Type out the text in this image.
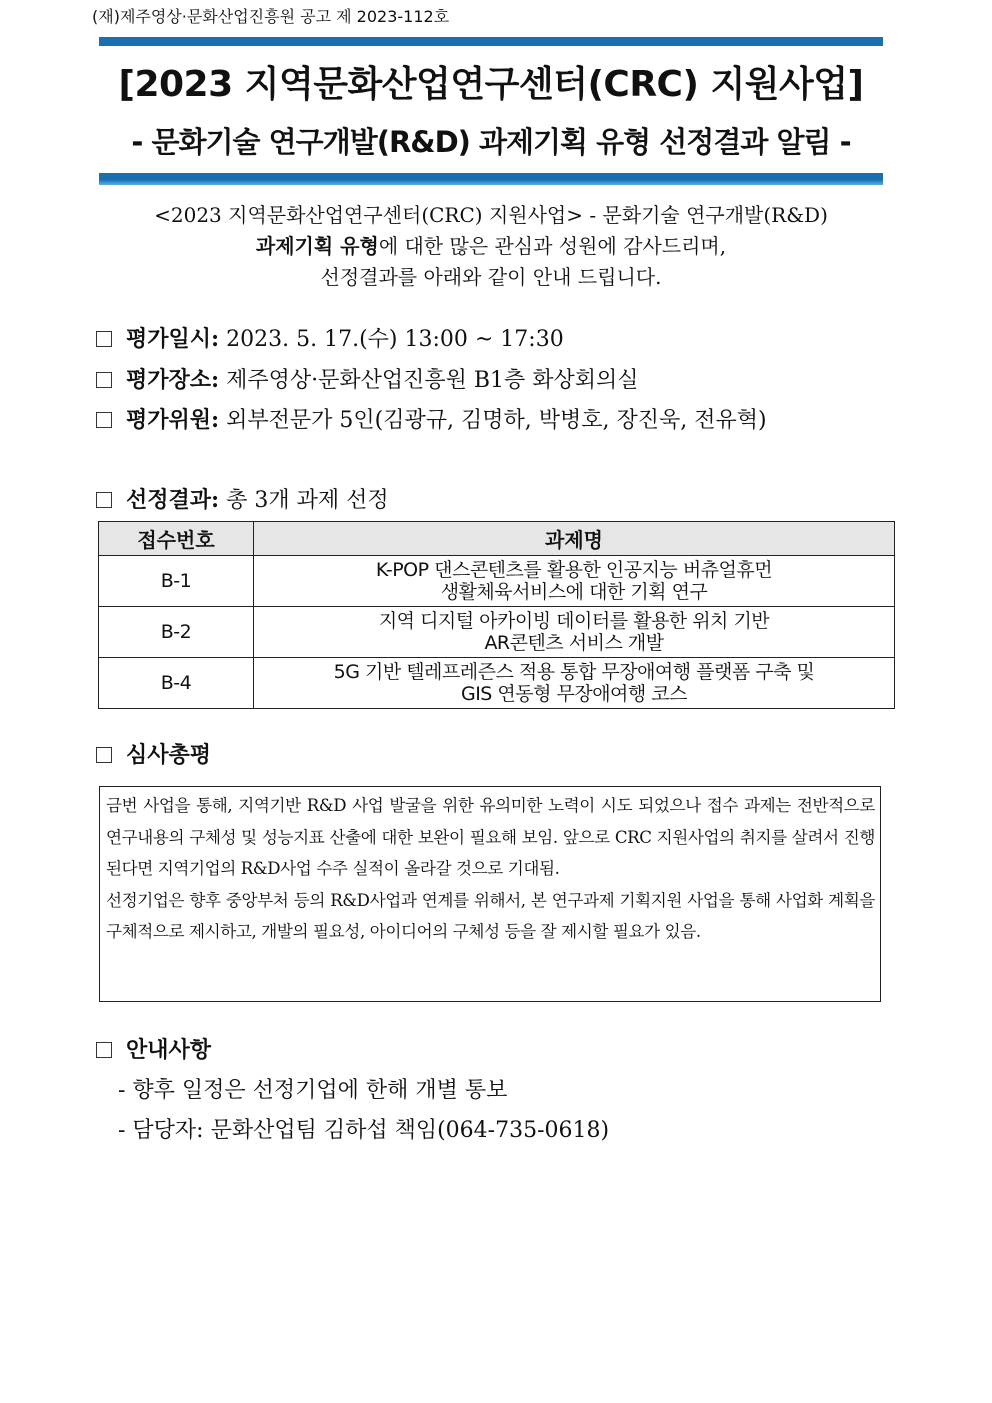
(재)제주영상·문화산업진흥원 공고 제 2023-112호
[2023 지역문화산업연구센터(CRC) 지원사업]
- 문화기술 연구개발(R&D) 과제기획 유형 선정결과 알림 -
<2023 지역문화산업연구센터(CRC) 지원사업> - 문화기술 연구개발(R&D)
과제기획 유형에 대한 많은 관심과 성원에 감사드리며,
선정결과를 아래와 같이 안내 드립니다.
평가일시: 2023. 5. 17.(수) 13:00 ~ 17:30
평가장소: 제주영상·문화산업진흥원 B1층 화상회의실
평가위원: 외부전문가 5인(김광규, 김명하, 박병호, 장진욱, 전유혁)
선정결과: 총 3개 과제 선정
접수번호	과제명
B-1	K-POP 댄스콘텐츠를 활용한 인공지능 버츄얼휴먼
생활체육서비스에 대한 기획 연구

B-2	지역 디지털 아카이빙 데이터를 활용한 위치 기반
AR콘텐츠 서비스 개발

B-4	5G 기반 텔레프레즌스 적용 통합 무장애여행 플랫폼 구축 및
GIS 연동형 무장애여행 코스
심사총평

금번 사업을 통해, 지역기반 R&D 사업 발굴을 위한 유의미한 노력이 시도 되었으나 접수 과제는 전반적으로 연구내용의 구체성 및 성능지표 산출에 대한 보완이 필요해 보임. 앞으로 CRC 지원사업의 취지를 살려서 진행된다면 지역기업의 R&D사업 수주 실적이 올라갈 것으로 기대됨.

선정기업은 향후 중앙부처 등의 R&D사업과 연계를 위해서, 본 연구과제 기획지원 사업을 통해 사업화 계획을 구체적으로 제시하고, 개발의 필요성, 아이디어의 구체성 등을 잘 제시할 필요가 있음.

안내사항
- 향후 일정은 선정기업에 한해 개별 통보
- 담당자: 문화산업팀 김하섭 책임(064-735-0618)
